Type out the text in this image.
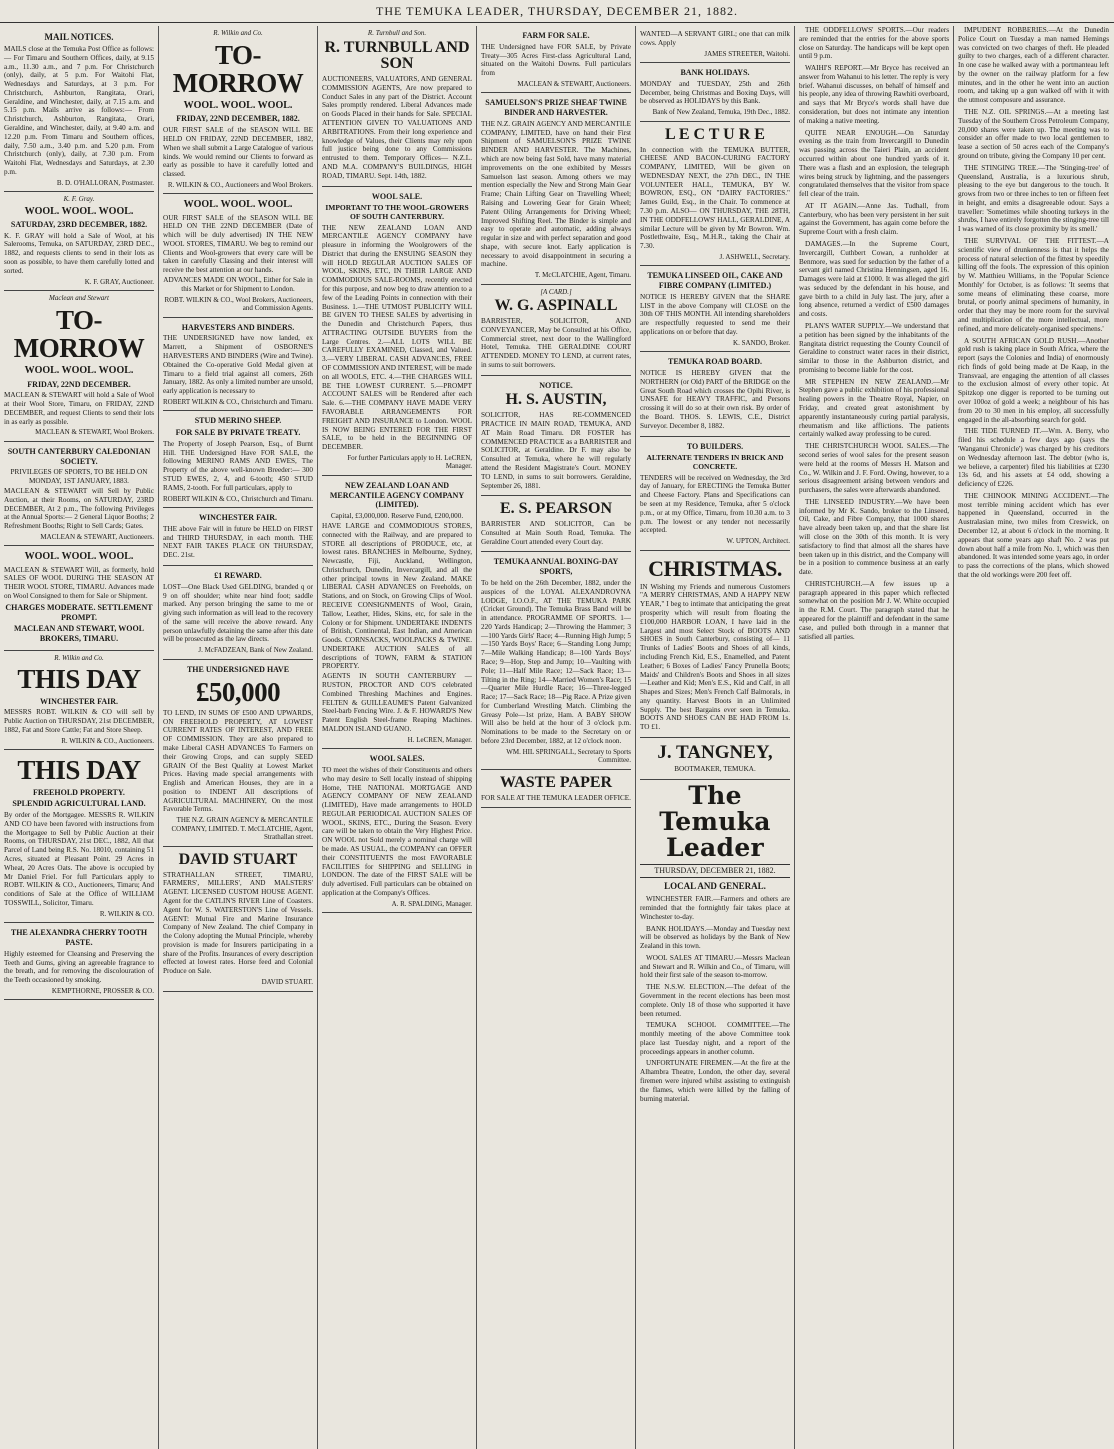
THE TEMUKA LEADER, THURSDAY, DECEMBER 21, 1882.
MAIL NOTICES.
MAILS close at the Temuka Post Office as follows:— For Timaru and Southern Offices, daily, at 9.15 a.m., 11.30 a.m., and 7 p.m. For Christchurch (only), daily, at 5 p.m. For Waitohi Flat, Wednesdays and Saturdays, at 3 p.m. For Christchurch, Ashburton, Rangitata, Orari, Geraldine, and Winchester, daily, at 7.15 a.m. and 5.15 p.m. Mails arrive as follows:— From Christchurch, Ashburton, Rangitata, Orari, Geraldine, and Winchester, daily, at 9.40 a.m. and 12.20 p.m. From Timaru and Southern offices, daily, 7.50 a.m., 3.40 p.m. and 5.20 p.m. From Christchurch (only), daily, at 7.30 p.m. From Waitohi Flat, Wednesdays and Saturdays, at 2.30 p.m.
B. D. O'HALLORAN, Postmaster.
K. F. Gray.
WOOL. WOOL. WOOL.
SATURDAY, 23RD DECEMBER, 1882.
K. F. GRAY will hold a Sale of Wool, at his Salerooms, Temuka, on SATURDAY, 23RD DEC., 1882, and requests clients to send in their lots as soon as possible, to have them carefully lotted and sorted.
K. F. GRAY, Auctioneer.
Maclean and Stewart
TO-MORROW
WOOL. WOOL. WOOL.
FRIDAY, 22ND DECEMBER.
MACLEAN & STEWART will hold a Sale of Wool at their Wool Store, Timaru, on FRIDAY, 22ND DECEMBER, and request Clients to send their lots in as early as possible.
MACLEAN & STEWART, Wool Brokers.
SOUTH CANTERBURY CALEDONIAN SOCIETY.
PRIVILEGES OF SPORTS, TO BE HELD ON MONDAY, 1ST JANUARY, 1883.
MACLEAN & STEWART will Sell by Public Auction, at their Rooms, on SATURDAY, 23RD DECEMBER, At 2 p.m., The following Privileges at the Annual Sports:— 2 General Liquor Booths; 2 Refreshment Booths; Right to Sell Cards; Gates.
MACLEAN & STEWART, Auctioneers.
WOOL. WOOL. WOOL.
MACLEAN & STEWART Will, as formerly, hold SALES OF WOOL DURING THE SEASON AT THEIR WOOL STORE, TIMARU. Advances made on Wool Consigned to them for Sale or Shipment.
CHARGES MODERATE. SETTLEMENT PROMPT.
MACLEAN AND STEWART, WOOL BROKERS, TIMARU.
R. Wilkin and Co.
THIS DAY
WINCHESTER FAIR.
MESSRS ROBT. WILKIN & CO will sell by Public Auction on THURSDAY, 21st DECEMBER, 1882, Fat and Store Cattle; Fat and Store Sheep.
R. WILKIN & CO., Auctioneers.
THIS DAY
FREEHOLD PROPERTY.
SPLENDID AGRICULTURAL LAND.
By order of the Mortgagee. MESSRS R. WILKIN AND CO have been favored with instructions from the Mortgagee to Sell by Public Auction at their Rooms, on THURSDAY, 21st DEC., 1882, All that Parcel of Land being R.S. No. 18010, containing 51 Acres, situated at Pleasant Point. 29 Acres in Wheat, 20 Acres Oats. The above is occupied by Mr Daniel Friel. For full Particulars apply to ROBT. WILKIN & CO., Auctioneers, Timaru; And conditions of Sale at the Office of WILLIAM TOSSWILL, Solicitor, Timaru.
R. WILKIN & CO.
THE ALEXANDRA CHERRY TOOTH PASTE.
Highly esteemed for Cleansing and Preserving the Teeth and Gums, giving an agreeable fragrance to the breath, and for removing the discolouration of the Teeth occasioned by smoking.
KEMPTHORNE, PROSSER & CO.
R. Wilkin and Co.
TO-MORROW
WOOL. WOOL. WOOL.
FRIDAY, 22ND DECEMBER, 1882.
OUR FIRST SALE of the SEASON WILL BE HELD ON FRIDAY, 22ND DECEMBER, 1882, When we shall submit a Large Catalogue of various kinds. We would remind our Clients to forward as early as possible to have it carefully lotted and classed.
R. WILKIN & CO., Auctioneers and Wool Brokers.
WOOL. WOOL. WOOL.
OUR FIRST SALE of the SEASON WILL BE HELD ON THE 22ND DECEMBER (Date of which will be duly advertised) IN THE NEW WOOL STORES, TIMARU. We beg to remind our Clients and Wool-growers that every care will be taken in carefully Classing and their interest will receive the best attention at our hands.
ADVANCES MADE ON WOOL, Either for Sale in this Market or for Shipment to London.
ROBT. WILKIN & CO., Wool Brokers, Auctioneers, and Commission Agents.
HARVESTERS AND BINDERS.
THE UNDERSIGNED have now landed, ex Marrett, a Shipment of OSBORNE'S HARVESTERS AND BINDERS (Wire and Twine). Obtained the Co-operative Gold Medal given at Timaru to a field trial against all comers, 26th January, 1882. As only a limited number are unsold, early application is necessary to
ROBERT WILKIN & CO., Christchurch and Timaru.
STUD MERINO SHEEP.
FOR SALE BY PRIVATE TREATY.
The Property of Joseph Pearson, Esq., of Burnt Hill. THE Undersigned Have FOR SALE, the following MERINO RAMS AND EWES, The Property of the above well-known Breeder:— 300 STUD EWES, 2, 4, and 6-tooth; 450 STUD RAMS, 2-tooth. For full particulars, apply to
ROBERT WILKIN & CO., Christchurch and Timaru.
WINCHESTER FAIR.
THE above Fair will in future be HELD on FIRST and THIRD THURSDAY, in each month. THE NEXT FAIR TAKES PLACE ON THURSDAY, DEC. 21st.
£1 REWARD.
LOST—One Black Used GELDING, branded q or 9 on off shoulder; white near hind foot; saddle marked. Any person bringing the same to me or giving such information as will lead to the recovery of the same will receive the above reward. Any person unlawfully detaining the same after this date will be prosecuted as the law directs.
J. McFADZEAN, Bank of New Zealand.
THE UNDERSIGNED HAVE
£50,000
TO LEND, IN SUMS OF £500 AND UPWARDS, ON FREEHOLD PROPERTY, AT LOWEST CURRENT RATES OF INTEREST, AND FREE OF COMMISSION. They are also prepared to make Liberal CASH ADVANCES To Farmers on their Growing Crops, and can supply SEED GRAIN Of the Best Quality at Lowest Market Prices. Having made special arrangements with English and American Houses, they are in a position to INDENT All descriptions of AGRICULTURAL MACHINERY, On the most Favorable Terms.
THE N.Z. GRAIN AGENCY & MERCANTILE COMPANY, LIMITED. T. McCLATCHIE, Agent, Strathallan street.
DAVID STUART
STRATHALLAN STREET, TIMARU, FARMERS', MILLERS', AND MALSTERS' AGENT. LICENSED CUSTOM HOUSE AGENT. Agent for the CATLIN'S RIVER Line of Coasters. Agent for W. S. WATERSTON'S Line of Vessels. AGENT: Mutual Fire and Marine Insurance Company of New Zealand. The chief Company in the Colony adopting the Mutual Principle, whereby provision is made for Insurers participating in a share of the Profits. Insurances of every description effected at lowest rates. Horse feed and Colonial Produce on Sale.
DAVID STUART.
R. Turnbull and Son.
R. TURNBULL AND SON
AUCTIONEERS, VALUATORS, AND GENERAL COMMISSION AGENTS, Are now prepared to Conduct Sales in any part of the District. Account Sales promptly rendered. Liberal Advances made on Goods Placed in their hands for Sale. SPECIAL ATTENTION GIVEN TO VALUATIONS AND ARBITRATIONS. From their long experience and knowledge of Values, their Clients may rely upon full justice being done to any Commissions entrusted to them. Temporary Offices— N.Z.L. AND M.A. COMPANY'S BUILDINGS, HIGH ROAD, TIMARU. Sept. 14th, 1882.
WOOL SALE.
IMPORTANT TO THE WOOL-GROWERS OF SOUTH CANTERBURY.
THE NEW ZEALAND LOAN AND MERCANTILE AGENCY COMPANY have pleasure in informing the Woolgrowers of the District that during the ENSUING SEASON they will HOLD REGULAR AUCTION SALES OF WOOL, SKINS, ETC, IN THEIR LARGE AND COMMODIOUS SALE-ROOMS, recently erected for this purpose, and now beg to draw attention to a few of the Leading Points in connection with their Business. 1.—THE UTMOST PUBLICITY WILL BE GIVEN TO THESE SALES by advertising in the Dunedin and Christchurch Papers, thus ATTRACTING OUTSIDE BUYERS from the Large Centres. 2.—ALL LOTS WILL BE CAREFULLY EXAMINED, Classed, and Valued. 3.—VERY LIBERAL CASH ADVANCES, FREE OF COMMISSION AND INTEREST, will be made on all WOOLS, ETC. 4.—THE CHARGES WILL BE THE LOWEST CURRENT. 5.—PROMPT ACCOUNT SALES will be Rendered after each Sale. 6.—THE COMPANY HAVE MADE VERY FAVORABLE ARRANGEMENTS FOR FREIGHT AND INSURANCE to London. WOOL IS NOW BEING ENTERED FOR THE FIRST SALE, to be held in the BEGINNING OF DECEMBER.
For further Particulars apply to H. LeCREN, Manager.
NEW ZEALAND LOAN AND MERCANTILE AGENCY COMPANY (LIMITED).
Capital, £3,000,000. Reserve Fund, £200,000.
HAVE LARGE and COMMODIOUS STORES, connected with the Railway, and are prepared to STORE all descriptions of PRODUCE, etc, at lowest rates. BRANCHES in Melbourne, Sydney, Newcastle, Fiji, Auckland, Wellington, Christchurch, Dunedin, Invercargill, and all the other principal towns in New Zealand. MAKE LIBERAL CASH ADVANCES on Freeholds, on Stations, and on Stock, on Growing Clips of Wool. RECEIVE CONSIGNMENTS of Wool, Grain, Tallow, Leather, Hides, Skins, etc, for sale in the Colony or for Shipment. UNDERTAKE INDENTS of British, Continental, East Indian, and American Goods. CORNSACKS, WOOLPACKS & TWINE. UNDERTAKE AUCTION SALES of all descriptions of TOWN, FARM & STATION PROPERTY.
AGENTS IN SOUTH CANTERBURY — RUSTON, PROCTOR AND CO'S celebrated Combined Threshing Machines and Engines. FELTEN & GUILLEAUME'S Patent Galvanized Steel-barb Fencing Wire. J. & F. HOWARD'S New Patent English Steel-frame Reaping Machines. MALDON ISLAND GUANO.
H. LeCREN, Manager.
WOOL SALES.
TO meet the wishes of their Constituents and others who may desire to Sell locally instead of shipping Home, THE NATIONAL MORTGAGE AND AGENCY COMPANY OF NEW ZEALAND (LIMITED), Have made arrangements to HOLD REGULAR PERIODICAL AUCTION SALES OF WOOL, SKINS, ETC., During the Season. Every care will be taken to obtain the Very Highest Price. ON WOOL not Sold merely a nominal charge will be made. AS USUAL, the COMPANY can OFFER their CONSTITUENTS the most FAVORABLE FACILITIES for SHIPPING and SELLING in LONDON. The date of the FIRST SALE will be duly advertised. Full particulars can be obtained on application at the Company's Offices.
A. R. SPALDING, Manager.
FARM FOR SALE.
THE Undersigned have FOR SALE, by Private Treaty—305 Acres First-class Agricultural Land, situated on the Waitohi Downs. Full particulars from
MACLEAN & STEWART, Auctioneers.
SAMUELSON'S PRIZE SHEAF TWINE BINDER AND HARVESTER.
THE N.Z. GRAIN AGENCY AND MERCANTILE COMPANY, LIMITED, have on hand their First Shipment of SAMUELSON'S PRIZE TWINE BINDER AND HARVESTER. The Machines, which are now being fast Sold, have many material improvements on the one exhibited by Messrs Samuelson last season. Among others we may mention especially the New and Strong Main Gear Frame; Chain Lifting Gear on Travelling Wheel; Raising and Lowering Gear for Grain Wheel; Patent Oiling Arrangements for Driving Wheel; Improved Shifting Reel. The Binder is simple and easy to operate and automatic, adding always regular in size and with perfect separation and good shape, with secure knot. Early application is necessary to avoid disappointment in securing a machine.
T. McCLATCHIE, Agent, Timaru.
[A CARD.]
W. G. ASPINALL
BARRISTER, SOLICITOR, AND CONVEYANCER, May be Consulted at his Office, Commercial street, next door to the Wallingford Hotel, Temuka. THE GERALDINE COURT ATTENDED. MONEY TO LEND, at current rates, in sums to suit borrowers.
NOTICE.
H. S. AUSTIN,
SOLICITOR, HAS RE-COMMENCED PRACTICE IN MAIN ROAD, TEMUKA, AND AT Main Road Timaru. DR FOSTER has COMMENCED PRACTICE as a BARRISTER and SOLICITOR, at Geraldine. Dr F. may also be Consulted at Temuka, where he will regularly attend the Resident Magistrate's Court. MONEY TO LEND, in sums to suit borrowers. Geraldine, September 26, 1881.
E. S. PEARSON
BARRISTER AND SOLICITOR, Can be Consulted at Main South Road, Temuka. The Geraldine Court attended every Court day.
TEMUKA ANNUAL BOXING-DAY SPORTS,
To be held on the 26th December, 1882, under the auspices of the LOYAL ALEXANDROVNA LODGE, I.O.O.F., AT THE TEMUKA PARK (Cricket Ground). The Temuka Brass Band will be in attendance. PROGRAMME OF SPORTS. 1—220 Yards Handicap; 2—Throwing the Hammer; 3—100 Yards Girls' Race; 4—Running High Jump; 5—150 Yards Boys' Race; 6—Standing Long Jump; 7—Mile Walking Handicap; 8—100 Yards Boys' Race; 9—Hop, Step and Jump; 10—Vaulting with Pole; 11—Half Mile Race; 12—Sack Race; 13—Tilting in the Ring; 14—Married Women's Race; 15—Quarter Mile Hurdle Race; 16—Three-legged Race; 17—Sack Race; 18—Pig Race. A Prize given for Cumberland Wrestling Match. Climbing the Greasy Pole—1st prize, Ham. A BABY SHOW Will also be held at the hour of 3 o'clock p.m. Nominations to be made to the Secretary on or before 23rd December, 1882, at 12 o'clock noon.
WM. HIL SPRINGALL, Secretary to Sports Committee.
WASTE PAPER
FOR SALE AT THE TEMUKA LEADER OFFICE.
WANTED—A SERVANT GIRL; one that can milk cows. Apply
JAMES STREETER, Waitohi.
BANK HOLIDAYS.
MONDAY and TUESDAY, 25th and 26th December, being Christmas and Boxing Days, will be observed as HOLIDAYS by this Bank.
Bank of New Zealand, Temuka, 19th Dec., 1882.
L E C T U R E
In connection with the TEMUKA BUTTER, CHEESE AND BACON-CURING FACTORY COMPANY, LIMITED, Will be given on WEDNESDAY NEXT, the 27th DEC., IN THE VOLUNTEER HALL, TEMUKA, BY W. BOWRON, ESQ., ON "DAIRY FACTORIES." James Guild, Esq., in the Chair. To commence at 7.30 p.m. ALSO— ON THURSDAY, THE 28TH, IN THE ODDFELLOWS' HALL, GERALDINE, A similar Lecture will be given by Mr Bowron. Wm. Postlethwaite, Esq., M.H.R., taking the Chair at 7.30.
J. ASHWELL, Secretary.
TEMUKA LINSEED OIL, CAKE AND FIBRE COMPANY (LIMITED.)
NOTICE IS HEREBY GIVEN that the SHARE LIST in the above Company will CLOSE on the 30th OF THIS MONTH. All intending shareholders are respectfully requested to send me their applications on or before that day.
K. SANDO, Broker.
TEMUKA ROAD BOARD.
NOTICE IS HEREBY GIVEN that the NORTHERN (or Old) PART of the BRIDGE on the Great South Road which crosses the Opihi River, is UNSAFE for HEAVY TRAFFIC, and Persons crossing it will do so at their own risk. By order of the Board. THOS. S. LEWIS, C.E., District Surveyor. December 8, 1882.
TO BUILDERS.
ALTERNATE TENDERS IN BRICK AND CONCRETE.
TENDERS will be received on Wednesday, the 3rd day of January, for ERECTING the Temuka Butter and Cheese Factory. Plans and Specifications can be seen at my Residence, Temuka, after 5 o'clock p.m., or at my Office, Timaru, from 10.30 a.m. to 3 p.m. The lowest or any tender not necessarily accepted.
W. UPTON, Architect.
CHRISTMAS.
IN Wishing my Friends and numerous Customers "A MERRY CHRISTMAS, AND A HAPPY NEW YEAR," I beg to intimate that anticipating the great prosperity which will result from floating the £100,000 HARBOR LOAN, I have laid in the Largest and most Select Stock of BOOTS AND SHOES in South Canterbury, consisting of— 11 Trunks of Ladies' Boots and Shoes of all kinds, including French Kid, E.S., Enamelled, and Patent Leather; 6 Boxes of Ladies' Fancy Prunella Boots; Maids' and Children's Boots and Shoes in all sizes—Leather and Kid; Men's E.S., Kid and Calf, in all Shapes and Sizes; Men's French Calf Balmorals, in any quantity. Harvest Boots in an Unlimited Supply. The best Bargains ever seen in Temuka. BOOTS AND SHOES CAN BE HAD FROM 1s. TO £1.
J. TANGNEY,
BOOTMAKER, TEMUKA.
The Temuka Leader
THURSDAY, DECEMBER 21, 1882.
LOCAL AND GENERAL.

WINCHESTER FAIR.—Farmers and others are reminded that the fortnightly fair takes place at Winchester to-day.

BANK HOLIDAYS.—Monday and Tuesday next will be observed as holidays by the Bank of New Zealand in this town.

WOOL SALES AT TIMARU.—Messrs Maclean and Stewart and R. Wilkin and Co., of Timaru, will hold their first sale of the season to-morrow.

THE N.S.W. ELECTION.—The defeat of the Government in the recent elections has been most complete. Only 18 of those who supported it have been returned.

TEMUKA SCHOOL COMMITTEE.—The monthly meeting of the above Committee took place last Tuesday night, and a report of the proceedings appears in another column.

UNFORTUNATE FIREMEN.—At the fire at the Alhambra Theatre, London, the other day, several firemen were injured whilst assisting to extinguish the flames, which were killed by the falling of burning material.

THE ODDFELLOWS' SPORTS.—Our readers are reminded that the entries for the above sports close on Saturday. The handicaps will be kept open until 9 p.m.

WAIHI'S REPORT.—Mr Bryce has received an answer from Wahanui to his letter. The reply is very brief. Wahanui discusses, on behalf of himself and his people, any idea of throwing Rawhiti overboard, and says that Mr Bryce's words shall have due consideration, but does not intimate any intention of making a native meeting.

QUITE NEAR ENOUGH.—On Saturday evening as the train from Invercargill to Dunedin was passing across the Taieri Plain, an accident occurred within about one hundred yards of it. There was a flash and an explosion, the telegraph wires being struck by lightning, and the passengers congratulated themselves that the visitor from space fell clear of the train.

AT IT AGAIN.—Anne Jas. Tudhall, from Canterbury, who has been very persistent in her suit against the Government, has again come before the Supreme Court with a fresh claim.

DAMAGES.—In the Supreme Court, Invercargill, Cuthbert Cowan, a runholder at Benmore, was sued for seduction by the father of a servant girl named Christina Henningsen, aged 16. Damages were laid at £1000. It was alleged the girl was seduced by the defendant in his house, and gave birth to a child in July last. The jury, after a long absence, returned a verdict of £500 damages and costs.

PLAN'S WATER SUPPLY.—We understand that a petition has been signed by the inhabitants of the Rangitata district requesting the County Council of Geraldine to construct water races in their district, similar to those in the Ashburton district, and promising to become liable for the cost.

MR STEPHEN IN NEW ZEALAND.—Mr Stephen gave a public exhibition of his professional healing powers in the Theatre Royal, Napier, on Friday, and created great astonishment by apparently instantaneously curing partial paralysis, rheumatism and like afflictions. The patients certainly walked away professing to be cured.

THE CHRISTCHURCH WOOL SALES.—The second series of wool sales for the present season were held at the rooms of Messrs H. Matson and Co., W. Wilkin and J. F. Ford. Owing, however, to a serious disagreement arising between vendors and purchasers, the sales were afterwards abandoned.

THE LINSEED INDUSTRY.—We have been informed by Mr K. Sando, broker to the Linseed, Oil, Cake, and Fibre Company, that 1000 shares have already been taken up, and that the share list will close on the 30th of this month. It is very satisfactory to find that almost all the shares have been taken up in this district, and the Company will be in a position to commence business at an early date.

CHRISTCHURCH.—A few issues up a paragraph appeared in this paper which reflected somewhat on the position Mr J. W. White occupied in the R.M. Court. The paragraph stated that he appeared for the plaintiff and defendant in the same case, and pulled both through in a manner that satisfied all parties.

IMPUDENT ROBBERIES.—At the Dunedin Police Court on Tuesday a man named Hemings was convicted on two charges of theft. He pleaded guilty to two charges, each of a different character. In one case he walked away with a portmanteau left by the owner on the railway platform for a few minutes, and in the other he went into an auction room, and taking up a gun walked off with it with the utmost composure and assurance.

THE N.Z. OIL SPRINGS.—At a meeting last Tuesday of the Southern Cross Petroleum Company, 20,000 shares were taken up. The meeting was to consider an offer made to two local gentlemen to lease a section of 50 acres each of the Company's ground on tribute, giving the Company 10 per cent.

THE STINGING TREE.—The 'Stinging-tree' of Queensland, Australia, is a luxurious shrub, pleasing to the eye but dangerous to the touch. It grows from two or three inches to ten or fifteen feet in height, and emits a disagreeable odour. Says a traveller: 'Sometimes while shooting turkeys in the shrubs, I have entirely forgotten the stinging-tree till I was warned of its close proximity by its smell.'

THE SURVIVAL OF THE FITTEST.—A scientific view of drunkenness is that it helps the process of natural selection of the fittest by speedily killing off the fools. The expression of this opinion by W. Matthieu Williams, in the 'Popular Science Monthly' for October, is as follows: 'It seems that some means of eliminating these coarse, more brutal, or poorly animal specimens of humanity, in order that they may be more room for the survival and multiplication of the more intellectual, more refined, and more delicately-organised specimens.'

A SOUTH AFRICAN GOLD RUSH.—Another gold rush is taking place in South Africa, where the report (says the Colonies and India) of enormously rich finds of gold being made at De Kaap, in the Transvaal, are engaging the attention of all classes to the exclusion almost of every other topic. At Spitzkop one digger is reported to be turning out over 100oz of gold a week; a neighbour of his has from 20 to 30 men in his employ, all successfully engaged in the all-absorbing search for gold.

THE TIDE TURNED IT.—Wm. A. Berry, who filed his schedule a few days ago (says the 'Wanganui Chronicle') was charged by his creditors on Wednesday afternoon last. The debtor (who is, we believe, a carpenter) filed his liabilities at £230 13s 6d, and his assets at £4 odd, showing a deficiency of £226.

THE CHINOOK MINING ACCIDENT.—The most terrible mining accident which has ever happened in Queensland, occurred in the Australasian mine, two miles from Creswick, on December 12, at about 6 o'clock in the morning. It appears that some years ago shaft No. 2 was put down about half a mile from No. 1, which was then abandoned. It was intended some years ago, in order to pass the corrections of the plans, which showed that the old workings were 200 feet off.
